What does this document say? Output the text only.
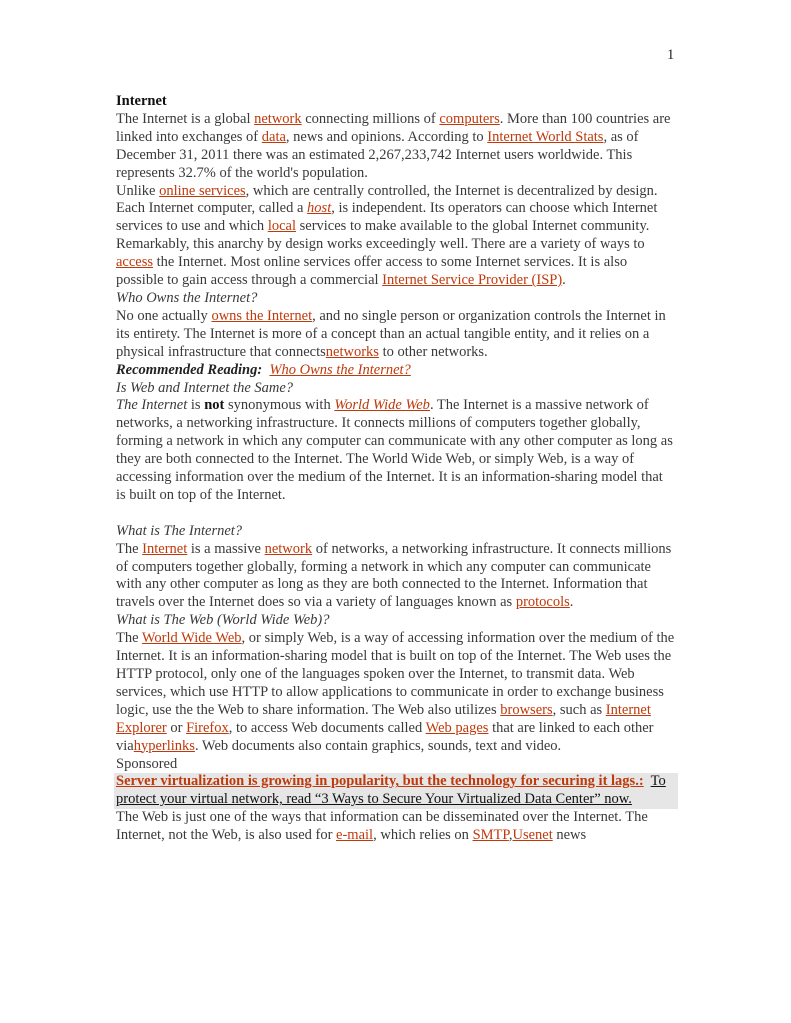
1

Internet

The Internet is a global network connecting millions of computers. More than 100 countries are linked into exchanges of data, news and opinions. According to Internet World Stats, as of December 31, 2011 there was an estimated 2,267,233,742 Internet users worldwide. This represents 32.7% of the world's population.

Unlike online services, which are centrally controlled, the Internet is decentralized by design. Each Internet computer, called a host, is independent. Its operators can choose which Internet services to use and which local services to make available to the global Internet community. Remarkably, this anarchy by design works exceedingly well. There are a variety of ways to access the Internet. Most online services offer access to some Internet services. It is also possible to gain access through a commercial Internet Service Provider (ISP).

Who Owns the Internet?

No one actually owns the Internet, and no single person or organization controls the Internet in its entirety. The Internet is more of a concept than an actual tangible entity, and it relies on a physical infrastructure that connectsnetworks to other networks.

Recommended Reading: Who Owns the Internet?

Is Web and Internet the Same?

The Internet is not synonymous with World Wide Web. The Internet is a massive network of networks, a networking infrastructure. It connects millions of computers together globally, forming a network in which any computer can communicate with any other computer as long as they are both connected to the Internet. The World Wide Web, or simply Web, is a way of accessing information over the medium of the Internet. It is an information-sharing model that is built on top of the Internet.

What is The Internet?

The Internet is a massive network of networks, a networking infrastructure. It connects millions of computers together globally, forming a network in which any computer can communicate with any other computer as long as they are both connected to the Internet. Information that travels over the Internet does so via a variety of languages known as protocols.

What is The Web (World Wide Web)?

The World Wide Web, or simply Web, is a way of accessing information over the medium of the Internet. It is an information-sharing model that is built on top of the Internet. The Web uses the HTTP protocol, only one of the languages spoken over the Internet, to transmit data. Web services, which use HTTP to allow applications to communicate in order to exchange business logic, use the the Web to share information. The Web also utilizes browsers, such as Internet Explorer or Firefox, to access Web documents called Web pages that are linked to each other viahyperlinks. Web documents also contain graphics, sounds, text and video.

Sponsored

Server virtualization is growing in popularity, but the technology for securing it lags.: To protect your virtual network, read “3 Ways to Secure Your Virtualized Data Center” now.

The Web is just one of the ways that information can be disseminated over the Internet. The Internet, not the Web, is also used for e-mail, which relies on SMTP,Usenet news
